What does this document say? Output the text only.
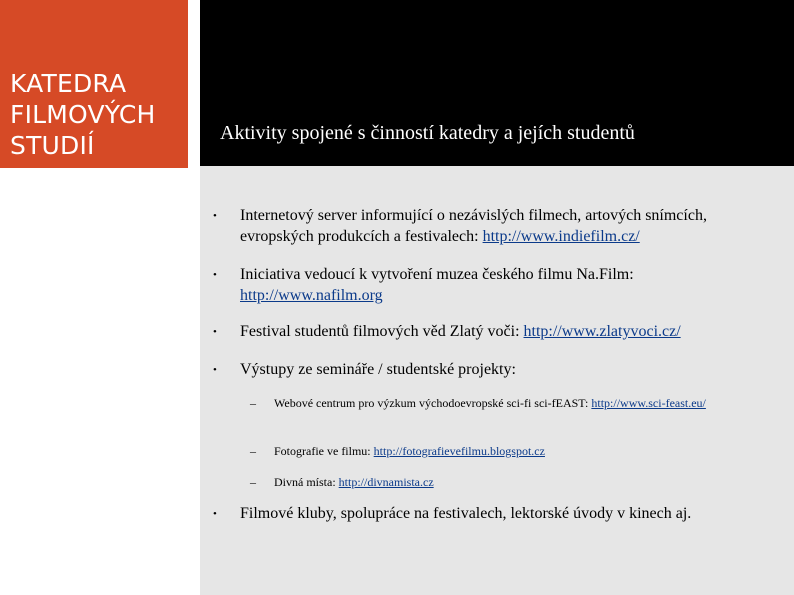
KATEDRA
FILMOVÝCH
STUDIÍ	Aktivity spojené s činností katedry a jejích studentů
• Internetový server informující o nezávislých filmech, artových snímcích, evropských produkcích a festivalech: http://www.indiefilm.cz/
• Iniciativa vedoucí k vytvoření muzea českého filmu Na.Film: http://www.nafilm.org
• Festival studentů filmových věd Zlatý voči: http://www.zlatyvoci.cz/
• Výstupy ze semináře / studentské projekty:
– Webové centrum pro výzkum východoevropské sci-fi sci-fEAST: http://www.sci-feast.eu/
– Fotografie ve filmu: http://fotografievefilmu.blogspot.cz
– Divná místa: http://divnamista.cz
• Filmové kluby, spolupráce na festivalech, lektorské úvody v kinech aj.
